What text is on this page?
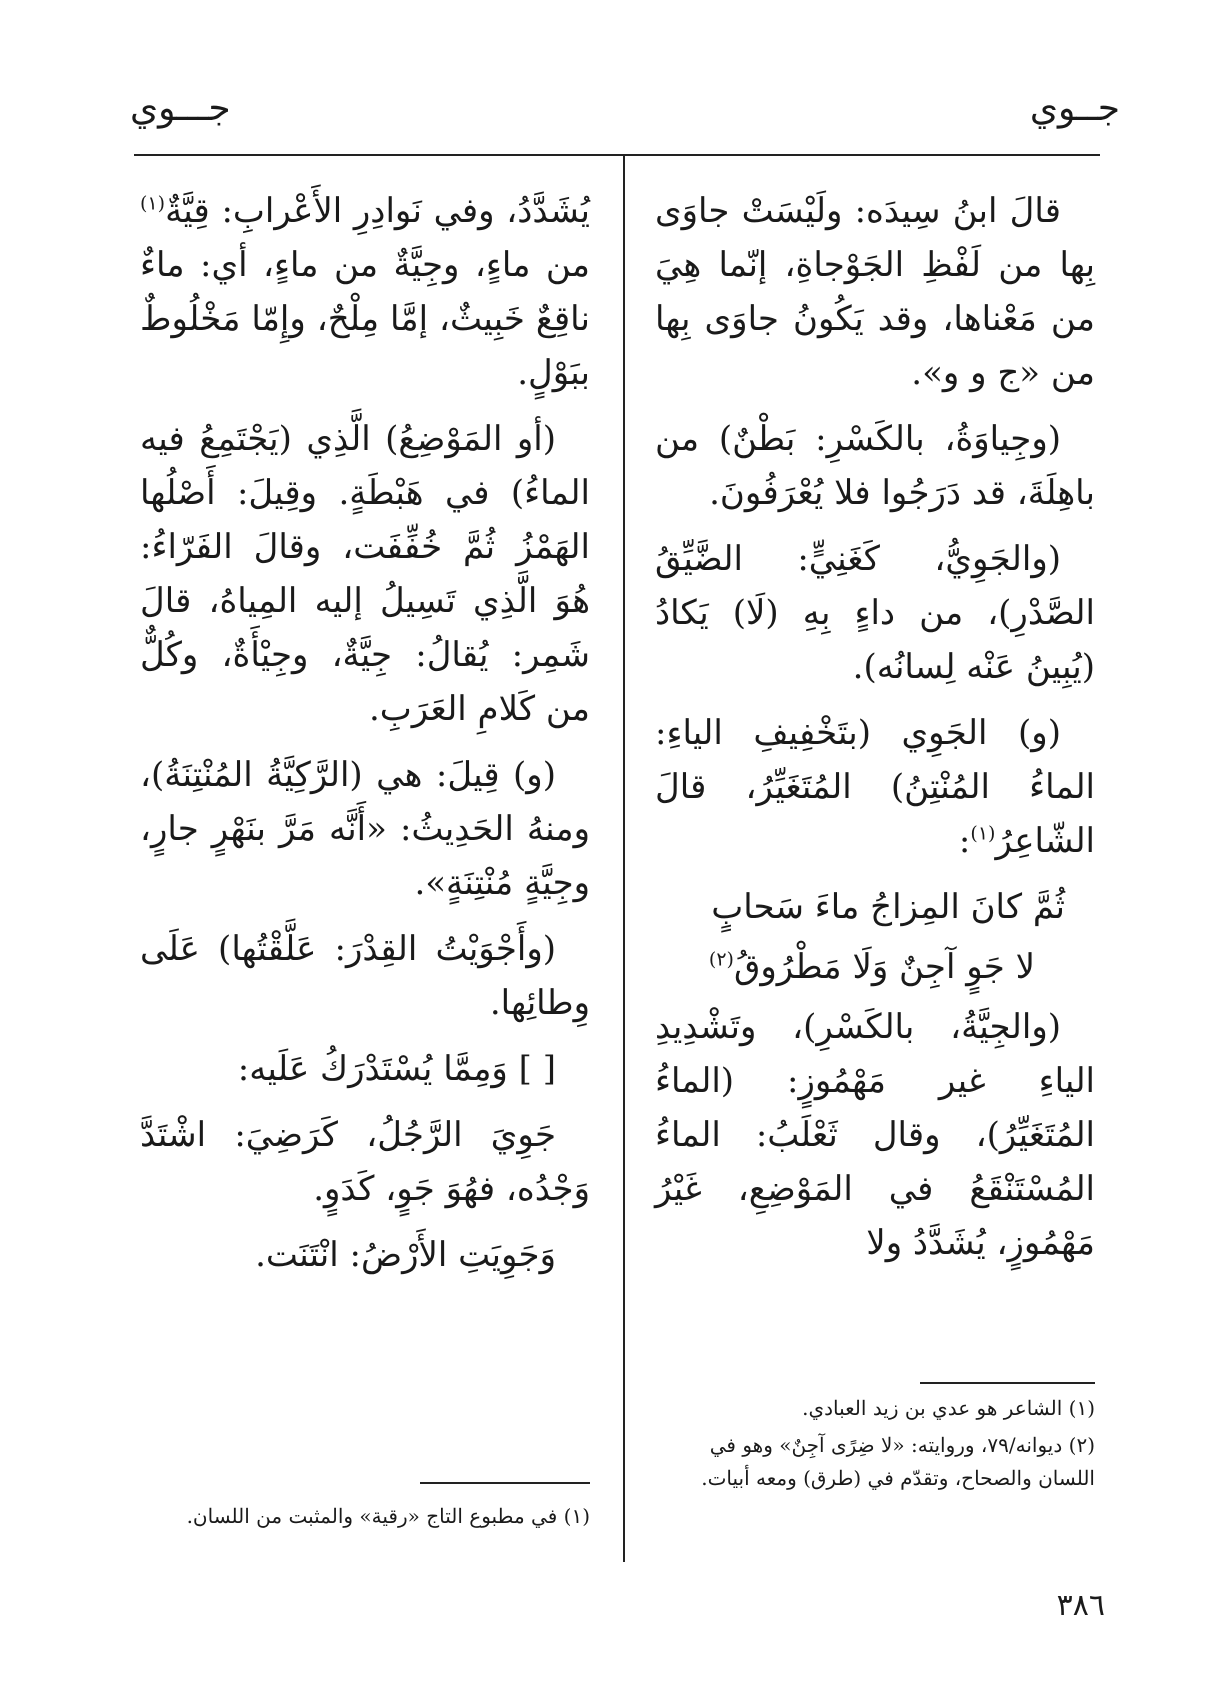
جــوي
جـــوي

قالَ ابنُ سِيدَه: ولَيْسَتْ جاوَى بِها من لَفْظِ الجَوْجاةِ، إنّما هِيَ من مَعْناها، وقد يَكُونُ جاوَى بِها من «ج و و».

(وجِياوَةُ، بالكَسْرِ: بَطْنٌ) من باهِلَةَ، قد دَرَجُوا فلا يُعْرَفُونَ.

(والجَوِيُّ، كَغَنِيٍّ: الضَّيِّقُ الصَّدْرِ)، من داءٍ بِهِ (لَا) يَكادُ (يُبِينُ عَنْه لِسانُه).

(و) الجَوِي (بتَخْفِيفِ الياءِ: الماءُ المُنْتِنُ) المُتَغَيِّرُ، قالَ الشّاعِرُ$^{(١)}$:

ثُمَّ كانَ المِزاجُ ماءَ سَحابٍ

لا جَوٍ آجِنٌ وَلَا مَطْرُوقُ$^{(٢)}$

(والجِيَّةُ، بالكَسْرِ)، وتَشْدِيدِ الياءِ غير مَهْمُوزٍ: (الماءُ المُتَغَيِّرُ)، وقال ثَعْلَبُ: الماءُ المُسْتَنْقَعُ في المَوْضِعِ، غَيْرُ مَهْمُوزٍ، يُشَدَّدُ ولا

يُشَدَّدُ، وفي نَوادِرِ الأَعْرابِ: قِيَّةٌ$^{(١)}$ من ماءٍ، وجِيَّةٌ من ماءٍ، أي: ماءٌ ناقِعٌ خَبِيثٌ، إمَّا مِلْحٌ، وإِمّا مَخْلُوطٌ ببَوْلٍ.

(أو المَوْضِعُ) الَّذِي (يَجْتَمِعُ فيه الماءُ) في هَبْطَةٍ. وقِيلَ: أَصْلُها الهَمْزُ ثُمَّ خُفِّفَت، وقالَ الفَرّاءُ: هُوَ الَّذِي تَسِيلُ إليه المِياهُ، قالَ شَمِر: يُقالُ: جِيَّةٌ، وجِيْأَةٌ، وكُلٌّ من كَلامِ العَرَبِ.

(و) قِيلَ: هي (الرَّكِيَّةُ المُنْتِنَةُ)، ومنهُ الحَدِيثُ: «أَنَّه مَرَّ بنَهْرٍ جارٍ، وجِيَّةٍ مُنْتِنَةٍ».

(وأَجْوَيْتُ القِدْرَ: عَلَّقْتُها) عَلَى وِطائِها.

[ ] وَمِمَّا يُسْتَدْرَكُ عَلَيه:

جَوِيَ الرَّجُلُ، كَرَضِيَ: اشْتَدَّ وَجْدُه، فهُوَ جَوٍ، كَدَوٍ.

وَجَوِيَتِ الأَرْضُ: انْتَنَت.

(١) الشاعر هو عدي بن زيد العبادي.

(٢) ديوانه/٧٩، وروايته: «لا ضِرًى آجِنٌ» وهو في اللسان والصحاح، وتقدّم في (طرق) ومعه أبيات.

(١) في مطبوع التاج «رقية» والمثبت من اللسان.

٣٨٦
